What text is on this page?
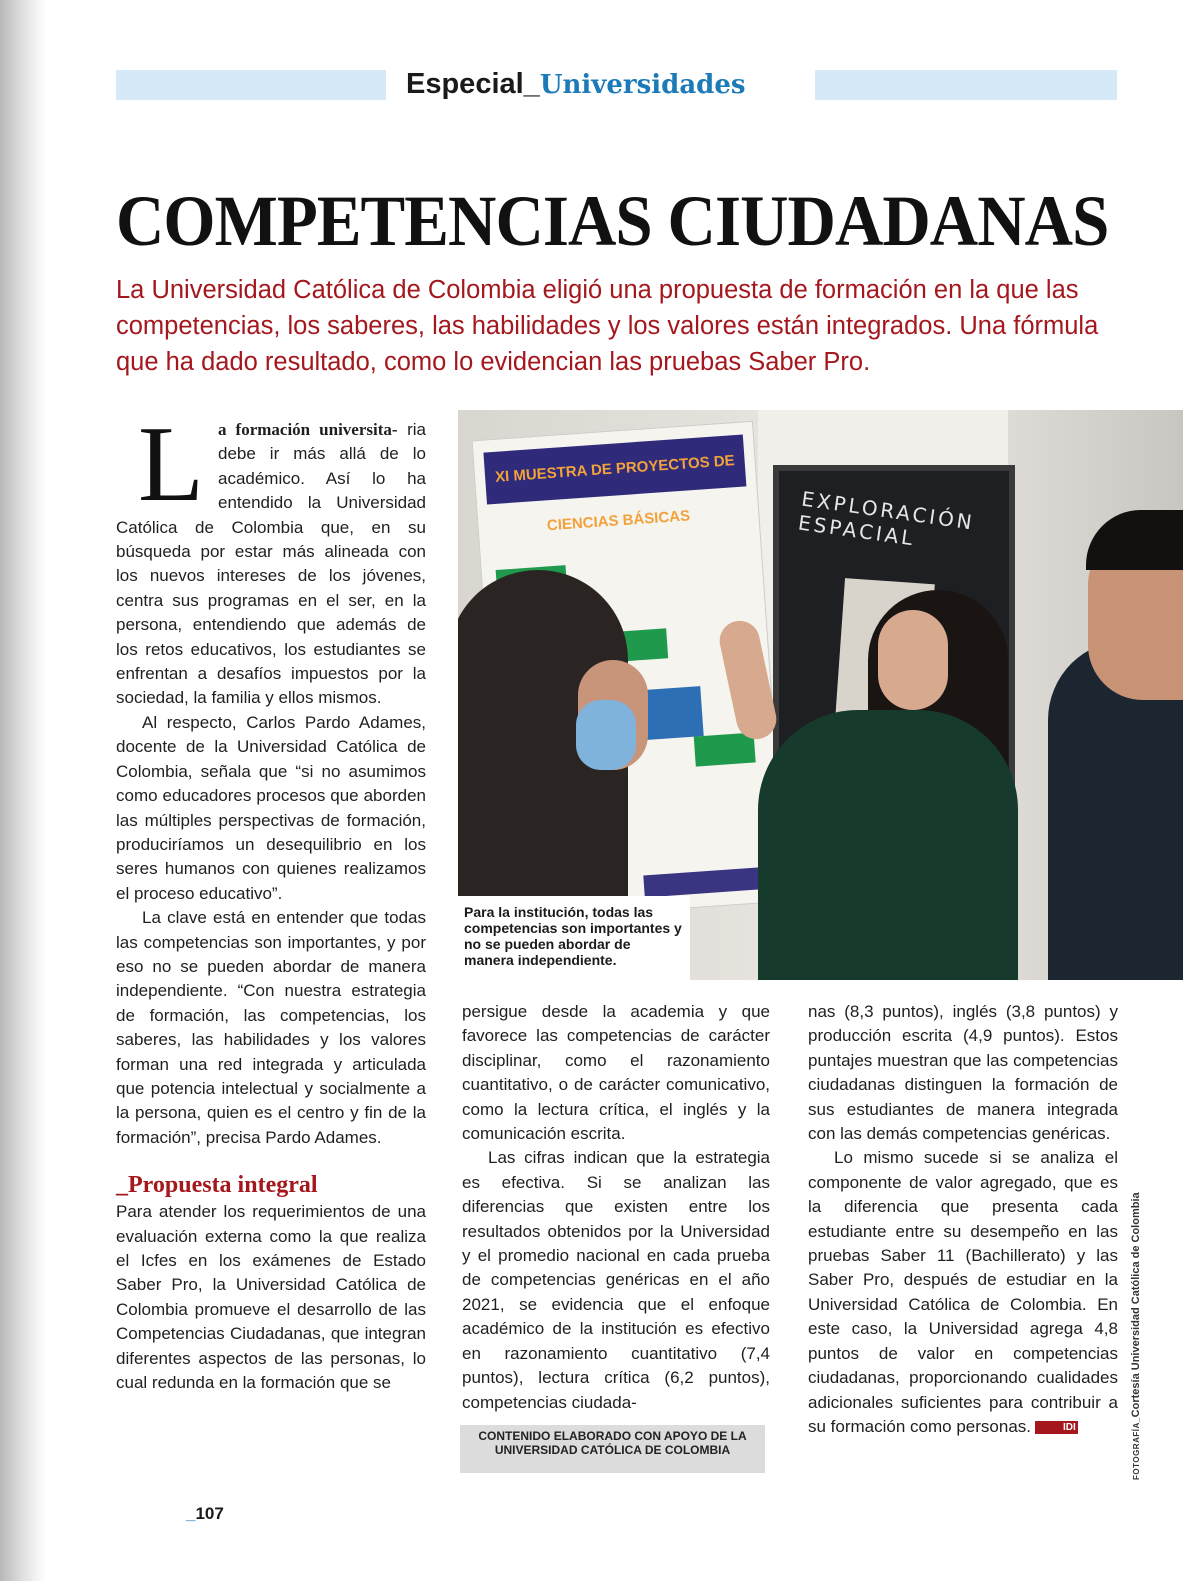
Especial_Universidades
COMPETENCIAS CIUDADANAS

La Universidad Católica de Colombia eligió una propuesta de formación en la que las competencias, los saberes, las habilidades y los valores están integrados. Una fórmula que ha dado resultado, como lo evidencian las pruebas Saber Pro.

La formación universita- ria debe ir más allá de lo académico. Así lo ha entendido la Universidad Católica de Colombia que, en su búsqueda por estar más alineada con los nuevos intereses de los jóvenes, centra sus programas en el ser, en la persona, entendiendo que además de los retos educativos, los estudiantes se enfrentan a desafíos impuestos por la sociedad, la familia y ellos mismos.

Al respecto, Carlos Pardo Adames, docente de la Universidad Católica de Colombia, señala que “si no asumimos como educadores procesos que aborden las múltiples perspectivas de formación, produciríamos un desequilibrio en los seres humanos con quienes realizamos el proceso educativo”.

La clave está en entender que todas las competencias son importantes, y por eso no se pueden abordar de manera independiente. “Con nuestra estrategia de formación, las competencias, los saberes, las habilidades y los valores forman una red integrada y articulada que potencia intelectual y socialmente a la persona, quien es el centro y fin de la formación”, precisa Pardo Adames.

_Propuesta integral

Para atender los requerimientos de una evaluación externa como la que realiza el Icfes en los exámenes de Estado Saber Pro, la Universidad Católica de Colombia promueve el desarrollo de las Competencias Ciudadanas, que integran diferentes aspectos de las personas, lo cual redunda en la formación que se

XI MUESTRA DE PROYECTOS DE CIENCIAS BÁSICAS	EXPLORACIÓN ESPACIAL
Para la institución, todas las competencias son importantes y no se pueden abordar de manera independiente.

persigue desde la academia y que favorece las competencias de carácter disciplinar, como el razonamiento cuantitativo, o de carácter comunicativo, como la lectura crítica, el inglés y la comunicación escrita.

Las cifras indican que la estrategia es efectiva. Si se analizan las diferencias que existen entre los resultados obtenidos por la Universidad y el promedio nacional en cada prueba de competencias genéricas en el año 2021, se evidencia que el enfoque académico de la institución es efectivo en razonamiento cuantitativo (7,4 puntos), lectura crítica (6,2 puntos), competencias ciudada-

CONTENIDO ELABORADO CON APOYO DE LA UNIVERSIDAD CATÓLICA DE COLOMBIA

nas (8,3 puntos), inglés (3,8 puntos) y producción escrita (4,9 puntos). Estos puntajes muestran que las competencias ciudadanas distinguen la formación de sus estudiantes de manera integrada con las demás competencias genéricas.

Lo mismo sucede si se analiza el componente de valor agregado, que es la diferencia que presenta cada estudiante entre su desempeño en las pruebas Saber 11 (Bachillerato) y las Saber Pro, después de estudiar en la Universidad Católica de Colombia. En este caso, la Universidad agrega 4,8 puntos de valor en competencias ciudadanas, proporcionando cualidades adicionales suficientes para contribuir a su formación como personas.	IDI	FOTOGRAFÍA_Cortesía Universidad Católica de Colombia
_107
